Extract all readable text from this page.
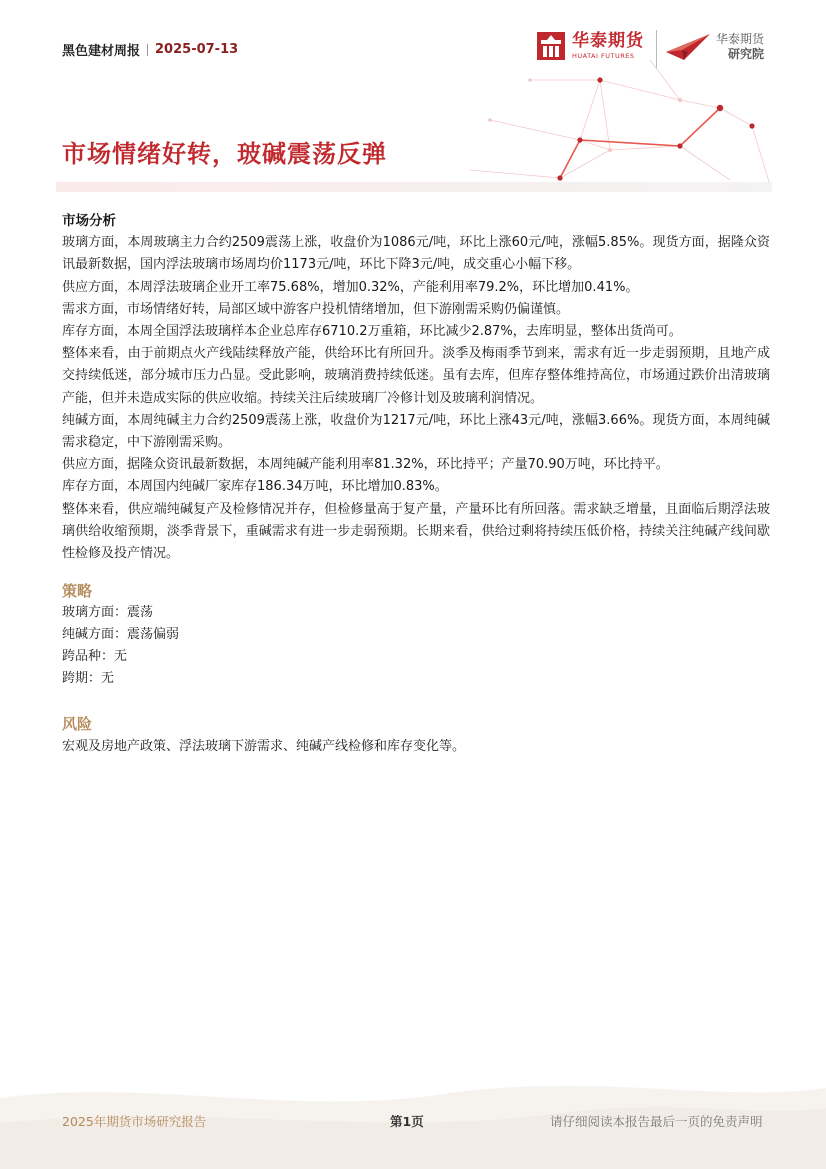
黑色建材周报 2025-07-13	华泰期货
HUATAI FUTURES
华泰期货
研究院
市场情绪好转，玻碱震荡反弹

市场分析

玻璃方面，本周玻璃主力合约2509震荡上涨，收盘价为1086元/吨，环比上涨60元/吨，涨幅5.85%。现货方面，据隆众资讯最新数据，国内浮法玻璃市场周均价1173元/吨，环比下降3元/吨，成交重心小幅下移。

供应方面，本周浮法玻璃企业开工率75.68%，增加0.32%，产能利用率79.2%，环比增加0.41%。

需求方面，市场情绪好转，局部区域中游客户投机情绪增加，但下游刚需采购仍偏谨慎。

库存方面，本周全国浮法玻璃样本企业总库存6710.2万重箱，环比减少2.87%，去库明显，整体出货尚可。

整体来看，由于前期点火产线陆续释放产能，供给环比有所回升。淡季及梅雨季节到来，需求有近一步走弱预期，且地产成交持续低迷，部分城市压力凸显。受此影响，玻璃消费持续低迷。虽有去库，但库存整体维持高位，市场通过跌价出清玻璃产能，但并未造成实际的供应收缩。持续关注后续玻璃厂冷修计划及玻璃利润情况。

纯碱方面，本周纯碱主力合约2509震荡上涨，收盘价为1217元/吨，环比上涨43元/吨，涨幅3.66%。现货方面，本周纯碱需求稳定，中下游刚需采购。

供应方面，据隆众资讯最新数据，本周纯碱产能利用率81.32%，环比持平；产量70.90万吨，环比持平。

库存方面，本周国内纯碱厂家库存186.34万吨，环比增加0.83%。

整体来看，供应端纯碱复产及检修情况并存，但检修量高于复产量，产量环比有所回落。需求缺乏增量，且面临后期浮法玻璃供给收缩预期，淡季背景下，重碱需求有进一步走弱预期。长期来看，供给过剩将持续压低价格，持续关注纯碱产线间歇性检修及投产情况。

策略

玻璃方面：震荡

纯碱方面：震荡偏弱

跨品种：无

跨期：无

风险

宏观及房地产政策、浮法玻璃下游需求、纯碱产线检修和库存变化等。

2025年期货市场研究报告	第1页	请仔细阅读本报告最后一页的免责声明
